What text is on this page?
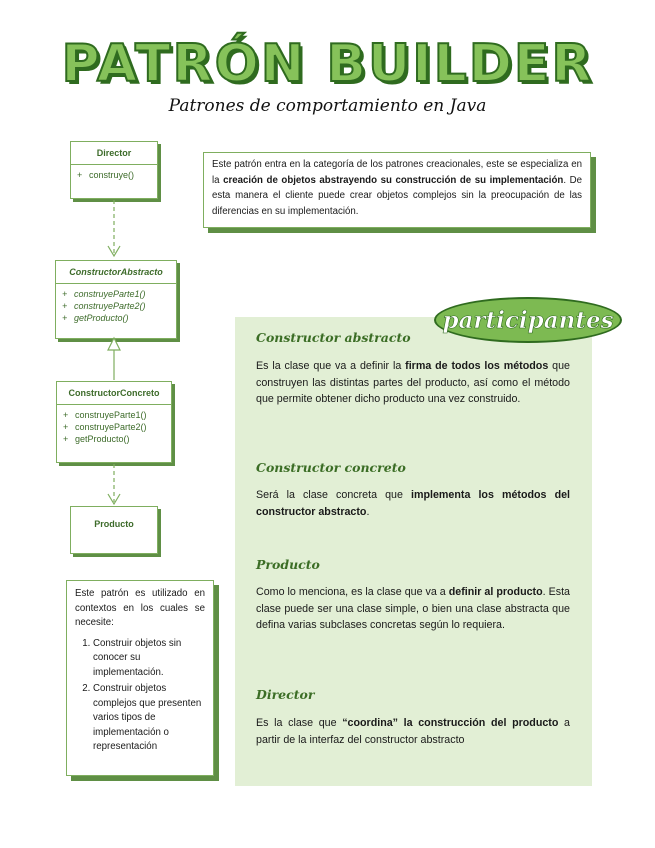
PATRÓN BUILDER
Patrones de comportamiento en Java
Director
+ construye()
ConstructorAbstracto
+ construyeParte1()
+ construyeParte2()
+ getProducto()
ConstructorConcreto
+ construyeParte1()
+ construyeParte2()
+ getProducto()
Producto
Este patrón entra en la categoría de los patrones creacionales, este se especializa en la creación de objetos abstrayendo su construcción de su implementación. De esta manera el cliente puede crear objetos complejos sin la preocupación de las diferencias en su implementación.

Este patrón es utilizado en contextos en los cuales se necesite:

1. Construir objetos sin conocer su implementación.
2. Construir objetos complejos que presenten varios tipos de implementación o representación
participantes
Constructor abstracto
Es la clase que va a definir la firma de todos los métodos que construyen las distintas partes del producto, así como el método que permite obtener dicho producto una vez construido.
Constructor concreto
Será la clase concreta que implementa los métodos del constructor abstracto.
Producto
Como lo menciona, es la clase que va a definir al producto. Esta clase puede ser una clase simple, o bien una clase abstracta que defina varias subclases concretas según lo requiera.
Director
Es la clase que “coordina” la construcción del producto a partir de la interfaz del constructor abstracto
